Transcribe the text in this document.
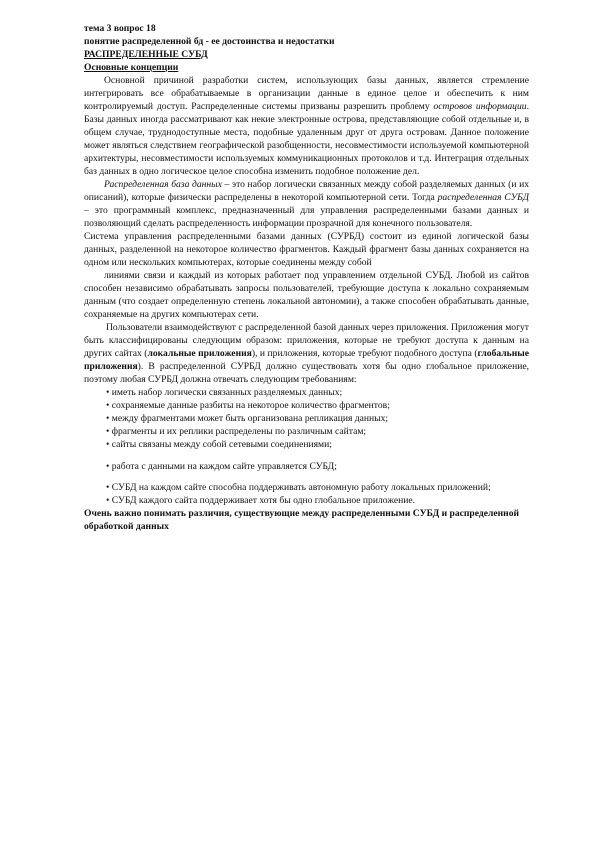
тема 3 вопрос 18

понятие распределенной бд - ее достоинства и недостатки

РАСПРЕДЕЛЕННЫЕ СУБД

Основные концепции

Основной причиной разработки систем, использующих базы данных, является стремление интегрировать все обрабатываемые в организации данные в единое целое и обеспечить к ним контролируемый доступ. Распределенные системы призваны разрешить проблему островов информации. Базы данных иногда рассматривают как некие электронные острова, представляющие собой отдельные и, в общем случае, труднодоступные места, подобные удаленным друг от друга островам. Данное положение может являться следствием географической разобщенности, несовместимости используемой компьютерной архитектуры, несовместимости используемых коммуникационных протоколов и т.д. Интеграция отдельных баз данных в одно логическое целое способна изменить подобное положение дел.

Распределенная база данных – это набор логически связанных между собой разделяемых данных (и их описаний), которые физически распределены в некоторой компьютерной сети. Тогда распределенная СУБД – это программный комплекс, предназначенный для управления распределенными базами данных и позволяющий сделать распределенность информации прозрачной для конечного пользователя.

Система управления распределенными базами данных (СУРБД) состоит из единой логической базы данных, разделенной на некоторое количество фрагментов. Каждый фрагмент базы данных сохраняется на одном или нескольких компьютерах, которые соединены между собой

линиями связи и каждый из которых работает под управлением отдельной СУБД. Любой из сайтов способен независимо обрабатывать запросы пользователей, требующие доступа к локально сохраняемым данным (что создает определенную степень локальной автономии), а также способен обрабатывать данные, сохраняемые на других компьютерах сети.

Пользователи взаимодействуют с распределенной базой данных через приложения. Приложения могут быть классифицированы следующим образом: приложения, которые не требуют доступа к данным на других сайтах (локальные приложения), и приложения, которые требуют подобного доступа (глобальные приложения). В распределенной СУРБД должно существовать хотя бы одно глобальное приложение, поэтому любая СУРБД должна отвечать следующим требованиям:

• иметь набор логически связанных разделяемых данных;

• сохраняемые данные разбиты на некоторое количество фрагментов;

• между фрагментами может быть организована репликация данных;

• фрагменты и их реплики распределены по различным сайтам;

• сайты связаны между собой сетевыми соединениями;

• работа с данными на каждом сайте управляется СУБД;

• СУБД на каждом сайте способна поддерживать автономную работу локальных приложений;

• СУБД каждого сайта поддерживает хотя бы одно глобальное приложение.

Очень важно понимать различия, существующие между распределенными СУБД и распределенной обработкой данных
